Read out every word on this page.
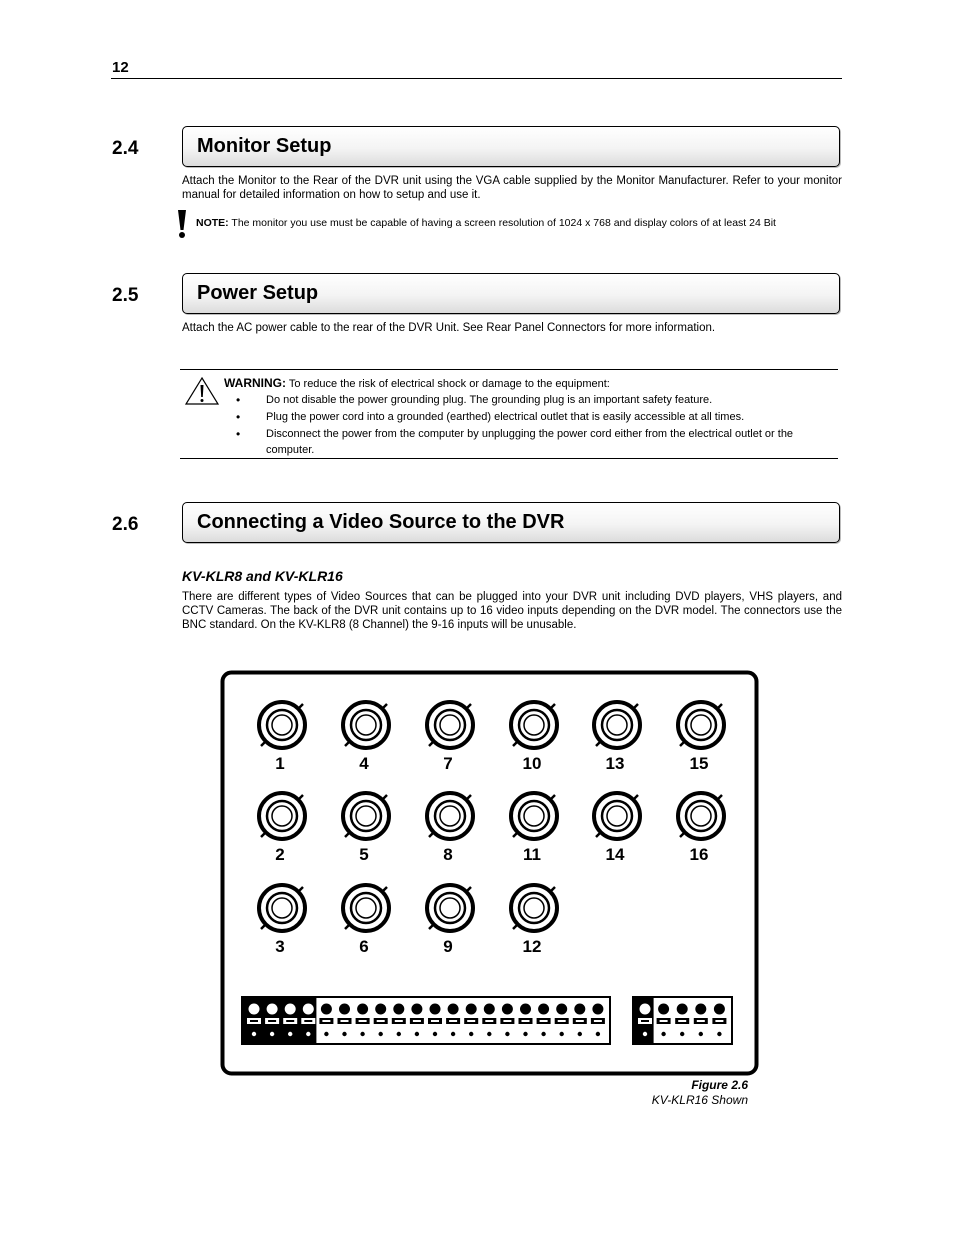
12
2.4	Monitor Setup
Attach the Monitor to the Rear of the DVR unit using the VGA cable supplied by the Monitor Manufacturer. Refer to your monitor manual for detailed information on how to setup and use it.
NOTE: The monitor you use must be capable of having a screen resolution of 1024 x 768 and display colors of at least 24 Bit
2.5	Power Setup
Attach the AC power cable to the rear of the DVR Unit. See Rear Panel Connectors for more information.
WARNING: To reduce the risk of electrical shock or damage to the equipment:
• Do not disable the power grounding plug. The grounding plug is an important safety feature.
• Plug the power cord into a grounded (earthed) electrical outlet that is easily accessible at all times.
• Disconnect the power from the computer by unplugging the power cord either from the electrical outlet or the computer.
2.6	Connecting a Video Source to the DVR
KV-KLR8 and KV-KLR16
There are different types of Video Sources that can be plugged into your DVR unit including DVD players, VHS players, and CCTV Cameras. The back of the DVR unit contains up to 16 video inputs depending on the DVR model. The connectors use the BNC standard. On the KV-KLR8 (8 Channel) the 9-16 inputs will be unusable.
1
2
3
4
5
6
7
8
9
10
11
12
13
14
15
16
Figure 2.6
KV-KLR16 Shown
